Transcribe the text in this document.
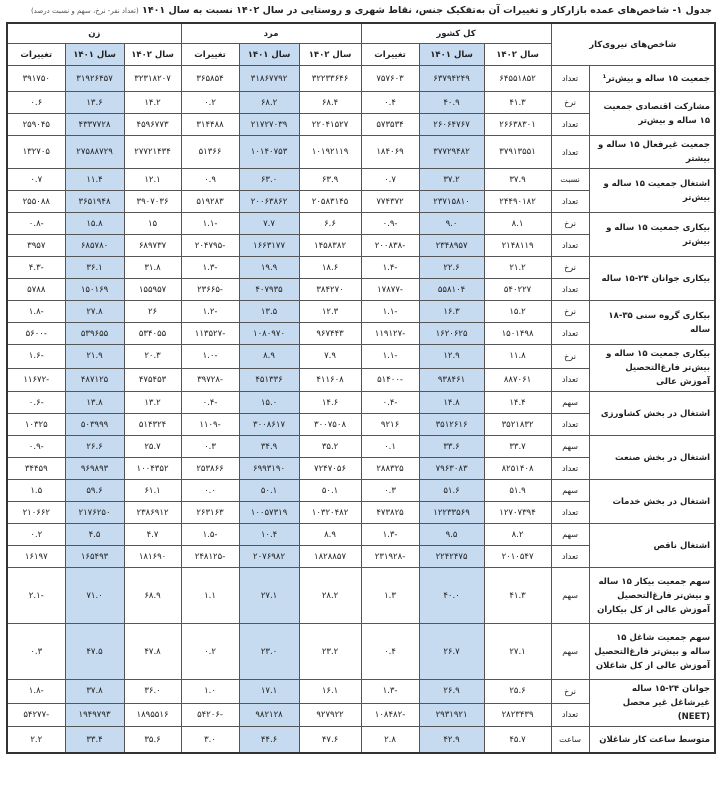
جدول ۱- شاخص‌های عمده بازارکار و تغییرات آن به‌تفکیک جنس، نقاط شهری و روستایی در سال ۱۴۰۲ نسبت به سال ۱۴۰۱ (تعداد نفر- نرخ، سهم و نسبت درصد)
شاخص‌های نیروی‌کار		کل کشور			مرد			زن		
		سال ۱۴۰۲	سال ۱۴۰۱	تغییرات	سال ۱۴۰۲	سال ۱۴۰۱	تغییرات	سال ۱۴۰۲	سال ۱۴۰۱	تغییرات
جمعیت ۱۵ ساله و بیش‌تر¹	تعداد	۶۴۵۵۱۸۵۲	۶۳۷۹۴۲۴۹	۷۵۷۶۰۳	۳۲۲۳۳۶۴۶	۳۱۸۶۷۷۹۲	۳۶۵۸۵۴	۳۲۳۱۸۲۰۷	۳۱۹۲۶۴۵۷	۳۹۱۷۵۰
مشارکت اقتصادی جمعیت ۱۵ ساله و بیش‌تر	نرخ	۴۱.۳	۴۰.۹	۰.۴	۶۸.۴	۶۸.۲	۰.۲	۱۴.۲	۱۳.۶	۰.۶
	تعداد	۲۶۶۳۸۳۰۱	۲۶۰۶۴۷۶۷	۵۷۳۵۳۴	۲۲۰۴۱۵۲۷	۲۱۷۲۷۰۳۹	۳۱۴۴۸۸	۴۵۹۶۷۷۳	۴۳۳۷۷۲۸	۲۵۹۰۴۵
جمعیت غیرفعال ۱۵ ساله و بیشتر	تعداد	۳۷۹۱۳۵۵۱	۳۷۷۲۹۴۸۲	۱۸۴۰۶۹	۱۰۱۹۲۱۱۹	۱۰۱۴۰۷۵۳	۵۱۳۶۶	۲۷۷۲۱۴۳۴	۲۷۵۸۸۷۲۹	۱۳۲۷۰۵
اشتغال جمعیت ۱۵ ساله و بیش‌تر	نسبت	۳۷.۹	۳۷.۲	۰.۷	۶۳.۹	۶۳.۰	۰.۹	۱۲.۱	۱۱.۴	۰.۷
	تعداد	۲۴۴۹۰۱۸۲	۲۳۷۱۵۸۱۰	۷۷۴۳۷۲	۲۰۵۸۳۱۴۵	۲۰۰۶۳۸۶۲	۵۱۹۲۸۳	۳۹۰۷۰۳۶	۳۶۵۱۹۴۸	۲۵۵۰۸۸
بیکاری جمعیت ۱۵ ساله و بیش‌تر	نرخ	۸.۱	۹.۰	-۰.۹	۶.۶	۷.۷	-۱.۱	۱۵	۱۵.۸	-۰.۸
	تعداد	۲۱۴۸۱۱۹	۲۳۴۸۹۵۷	-۲۰۰۸۳۸	۱۴۵۸۳۸۲	۱۶۶۳۱۷۷	-۲۰۴۷۹۵	۶۸۹۷۳۷	۶۸۵۷۸۰	۳۹۵۷
بیکاری جوانان ۲۴-۱۵ ساله	نرخ	۲۱.۲	۲۲.۶	-۱.۴	۱۸.۶	۱۹.۹	-۱.۳	۳۱.۸	۳۶.۱	-۴.۳
	تعداد	۵۴۰۲۲۷	۵۵۸۱۰۴	-۱۷۸۷۷	۳۸۴۲۷۰	۴۰۷۹۳۵	-۲۳۶۶۵	۱۵۵۹۵۷	۱۵۰۱۶۹	۵۷۸۸
بیکاری گروه سنی ۳۵-۱۸ ساله	نرخ	۱۵.۲	۱۶.۳	-۱.۱	۱۲.۳	۱۳.۵	-۱.۲	۲۶	۲۷.۸	-۱.۸
	تعداد	۱۵۰۱۴۹۸	۱۶۲۰۶۲۵	-۱۱۹۱۲۷	۹۶۷۴۴۳	۱۰۸۰۹۷۰	-۱۱۳۵۲۷	۵۳۴۰۵۵	۵۳۹۶۵۵	-۵۶۰۰
بیکاری جمعیت ۱۵ ساله و بیش‌تر فارغ‌التحصیل آموزش عالی	نرخ	۱۱.۸	۱۲.۹	-۱.۱	۷.۹	۸.۹	-۱.۰	۲۰.۳	۲۱.۹	-۱.۶
	تعداد	۸۸۷۰۶۱	۹۳۸۴۶۱	-۵۱۴۰۰	۴۱۱۶۰۸	۴۵۱۳۳۶	-۳۹۷۲۸	۴۷۵۴۵۳	۴۸۷۱۲۵	-۱۱۶۷۲
اشتغال در بخش کشاورزی	سهم	۱۴.۴	۱۴.۸	-۰.۴	۱۴.۶	۱۵.۰	-۰.۴	۱۳.۲	۱۳.۸	-۰.۶
	تعداد	۳۵۲۱۸۳۲	۳۵۱۲۶۱۶	۹۲۱۶	۳۰۰۷۵۰۸	۳۰۰۸۶۱۷	-۱۱۰۹	۵۱۴۳۲۴	۵۰۳۹۹۹	۱۰۳۲۵
اشتغال در بخش صنعت	سهم	۳۳.۷	۳۳.۶	۰.۱	۳۵.۲	۳۴.۹	۰.۳	۲۵.۷	۲۶.۶	-۰.۹
	تعداد	۸۲۵۱۴۰۸	۷۹۶۳۰۸۳	۲۸۸۳۲۵	۷۲۴۷۰۵۶	۶۹۹۳۱۹۰	۲۵۳۸۶۶	۱۰۰۴۳۵۲	۹۶۹۸۹۳	۳۴۴۵۹
اشتغال در بخش خدمات	سهم	۵۱.۹	۵۱.۶	۰.۳	۵۰.۱	۵۰.۱	۰.۰	۶۱.۱	۵۹.۶	۱.۵
	تعداد	۱۲۷۰۷۳۹۴	۱۲۲۳۳۵۶۹	۴۷۳۸۲۵	۱۰۳۲۰۴۸۲	۱۰۰۵۷۳۱۹	۲۶۳۱۶۳	۲۳۸۶۹۱۲	۲۱۷۶۲۵۰	۲۱۰۶۶۲
اشتغال ناقص	سهم	۸.۲	۹.۵	-۱.۳	۸.۹	۱۰.۴	-۱.۵	۴.۷	۴.۵	۰.۲
	تعداد	۲۰۱۰۵۴۷	۲۲۴۲۴۷۵	-۲۳۱۹۲۸	۱۸۲۸۸۵۷	۲۰۷۶۹۸۲	-۲۴۸۱۲۵	۱۸۱۶۹۰	۱۶۵۴۹۳	۱۶۱۹۷
سهم جمعیت بیکار ۱۵ ساله و بیش‌تر فارغ‌التحصیل آموزش عالی از کل بیکاران	سهم	۴۱.۳	۴۰.۰	۱.۳	۲۸.۲	۲۷.۱	۱.۱	۶۸.۹	۷۱.۰	-۲.۱
سهم جمعیت شاغل ۱۵ ساله و بیش‌تر فارغ‌التحصیل آموزش عالی از کل شاغلان	سهم	۲۷.۱	۲۶.۷	۰.۴	۲۳.۲	۲۳.۰	۰.۲	۴۷.۸	۴۷.۵	۰.۳
جوانان ۲۴-۱۵ ساله غیرشاغل غیر محصل (NEET)	نرخ	۲۵.۶	۲۶.۹	-۱.۳	۱۶.۱	۱۷.۱	۱.۰	۳۶.۰	۳۷.۸	-۱.۸
	تعداد	۲۸۲۳۴۳۹	۲۹۳۱۹۲۱	-۱۰۸۴۸۲	۹۲۷۹۲۲	۹۸۲۱۲۸	-۵۴۲۰۶	۱۸۹۵۵۱۶	۱۹۴۹۷۹۳	-۵۴۲۷۷
متوسط ساعت کار شاغلان	ساعت	۴۵.۷	۴۲.۹	۲.۸	۴۷.۶	۴۴.۶	۳.۰	۳۵.۶	۳۳.۴	۲.۲
